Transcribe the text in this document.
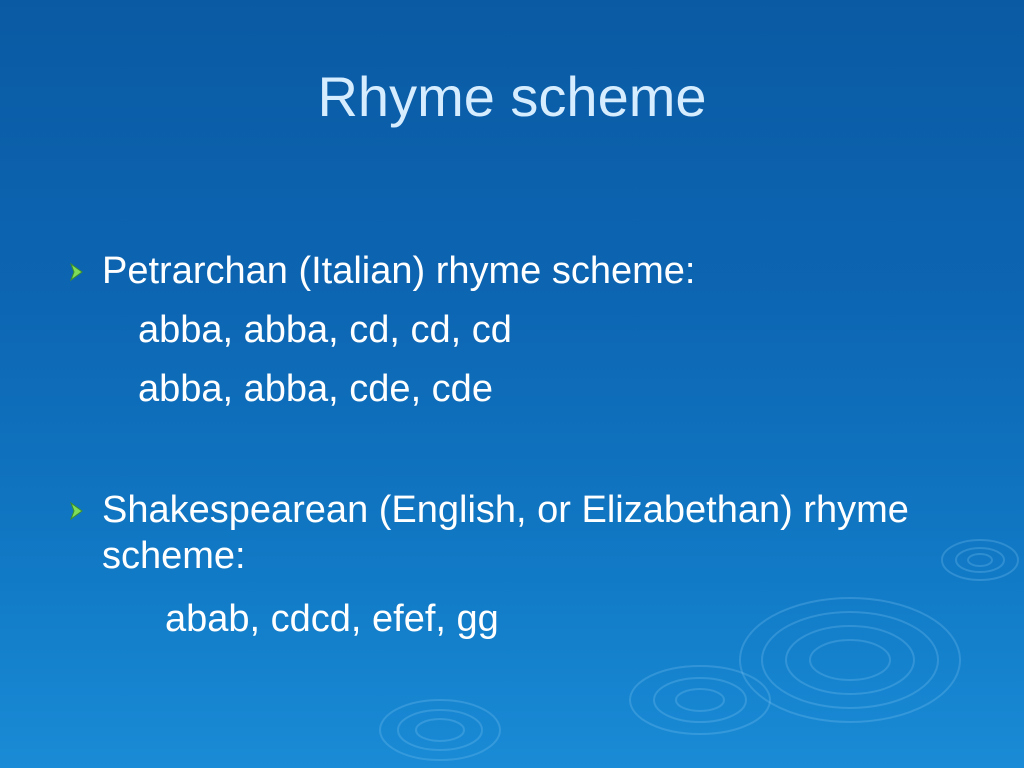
Rhyme scheme
Petrarchan (Italian) rhyme scheme:
abba, abba, cd, cd, cd
abba, abba, cde, cde
Shakespearean (English, or Elizabethan) rhyme scheme:
abab, cdcd, efef, gg
